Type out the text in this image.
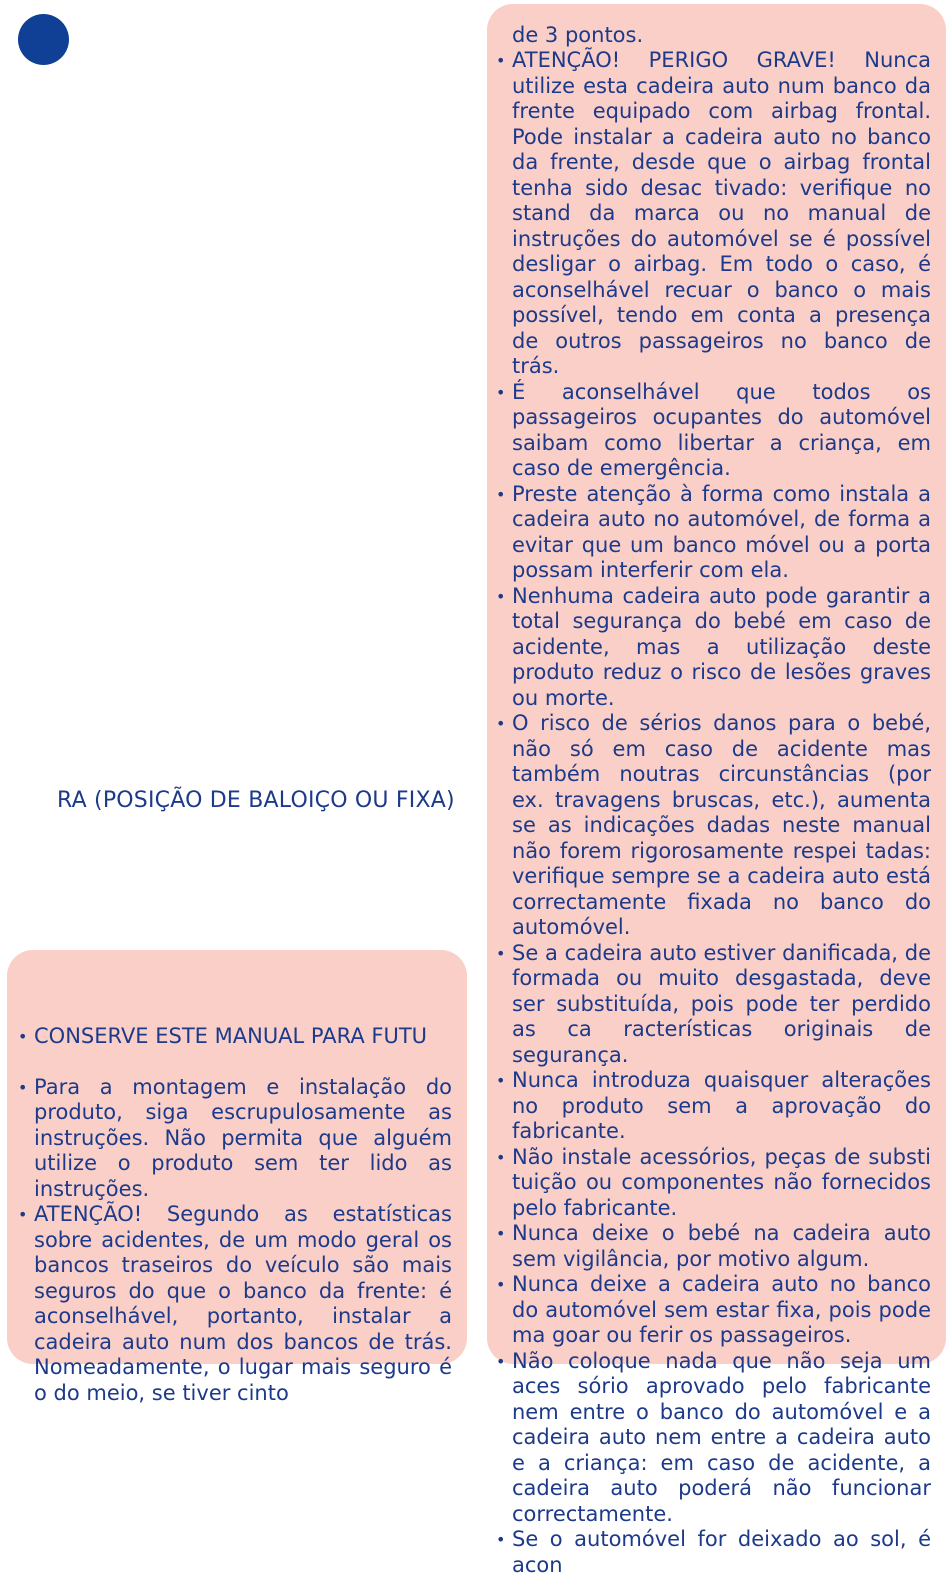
RA (POSIÇÃO DE BALOIÇO OU FIXA)
• CONSERVE ESTE MANUAL PARA FUTU
• Para a montagem e instalação do produto, siga escrupulosamente as instruções. Não permita que alguém utilize o produto sem ter lido as instruções.
• ATENÇÃO! Segundo as estatísticas sobre acidentes, de um modo geral os bancos traseiros do veículo são mais seguros do que o banco da frente: é aconselhável, portanto, instalar a cadeira auto num dos bancos de trás. Nomeadamente, o lugar mais seguro é o do meio, se tiver cinto
de 3 pontos.
• ATENÇÃO! PERIGO GRAVE! Nunca utilize esta cadeira auto num banco da frente equipado com airbag frontal. Pode instalar a cadeira auto no banco da frente, desde que o airbag frontal tenha sido desac tivado: verifique no stand da marca ou no manual de instruções do automóvel se é possível desligar o airbag. Em todo o caso, é aconselhável recuar o banco o mais possível, tendo em conta a presença de outros passageiros no banco de trás.
• É aconselhável que todos os passageiros ocupantes do automóvel saibam como libertar a criança, em caso de emergência.
• Preste atenção à forma como instala a cadeira auto no automóvel, de forma a evitar que um banco móvel ou a porta possam interferir com ela.
• Nenhuma cadeira auto pode garantir a total segurança do bebé em caso de acidente, mas a utilização deste produto reduz o risco de lesões graves ou morte.
• O risco de sérios danos para o bebé, não só em caso de acidente mas também noutras circunstâncias (por ex. travagens bruscas, etc.), aumenta se as indicações dadas neste manual não forem rigorosamente respei tadas: verifique sempre se a cadeira auto está correctamente fixada no banco do automóvel.
• Se a cadeira auto estiver danificada, de formada ou muito desgastada, deve ser substituída, pois pode ter perdido as ca racterísticas originais de segurança.
• Nunca introduza quaisquer alterações no produto sem a aprovação do fabricante.
• Não instale acessórios, peças de substi tuição ou componentes não fornecidos pelo fabricante.
• Nunca deixe o bebé na cadeira auto sem vigilância, por motivo algum.
• Nunca deixe a cadeira auto no banco do automóvel sem estar fixa, pois pode ma goar ou ferir os passageiros.
• Não coloque nada que não seja um aces sório aprovado pelo fabricante nem entre o banco do automóvel e a cadeira auto nem entre a cadeira auto e a criança: em caso de acidente, a cadeira auto poderá não funcionar correctamente.
• Se o automóvel for deixado ao sol, é acon
